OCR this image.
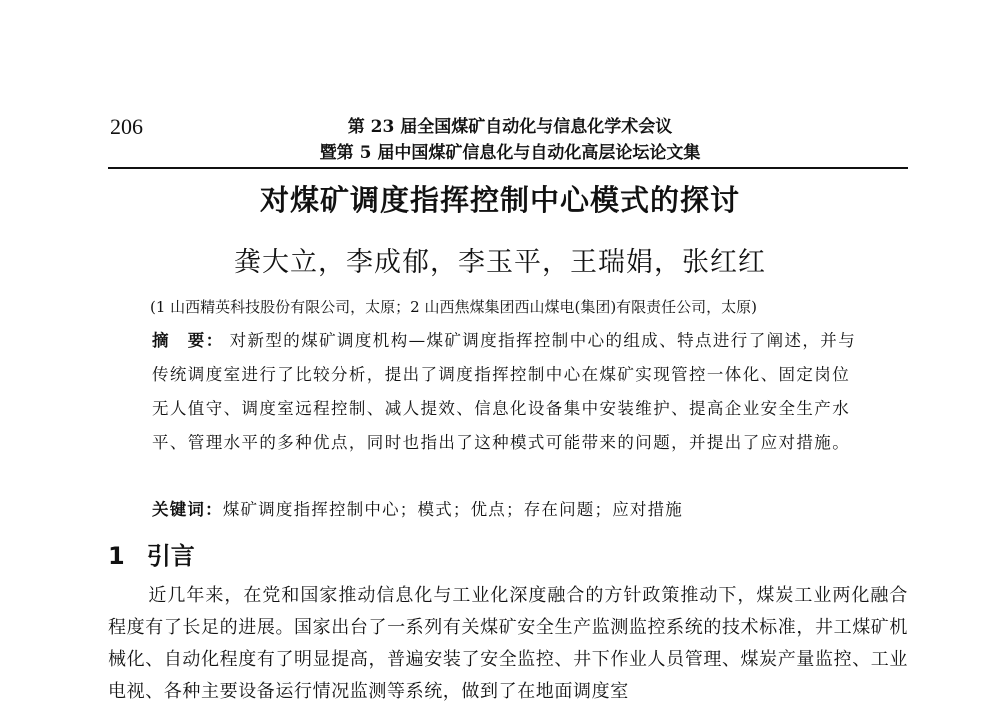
206	第 23 届全国煤矿自动化与信息化学术会议
暨第 5 届中国煤矿信息化与自动化高层论坛论文集
对煤矿调度指挥控制中心模式的探讨
龚大立，李成郁，李玉平，王瑞娟，张红红
(1 山西精英科技股份有限公司，太原；2 山西焦煤集团西山煤电(集团)有限责任公司，太原)
摘　要： 对新型的煤矿调度机构—煤矿调度指挥控制中心的组成、特点进行了阐述，并与传统调度室进行了比较分析，提出了调度指挥控制中心在煤矿实现管控一体化、固定岗位无人值守、调度室远程控制、减人提效、信息化设备集中安装维护、提高企业安全生产水平、管理水平的多种优点，同时也指出了这种模式可能带来的问题，并提出了应对措施。
关键词：煤矿调度指挥控制中心；模式；优点；存在问题；应对措施
1 引言
近几年来，在党和国家推动信息化与工业化深度融合的方针政策推动下，煤炭工业两化融合程度有了长足的进展。国家出台了一系列有关煤矿安全生产监测监控系统的技术标准，井工煤矿机械化、自动化程度有了明显提高，普遍安装了安全监控、井下作业人员管理、煤炭产量监控、工业电视、各种主要设备运行情况监测等系统，做到了在地面调度室
